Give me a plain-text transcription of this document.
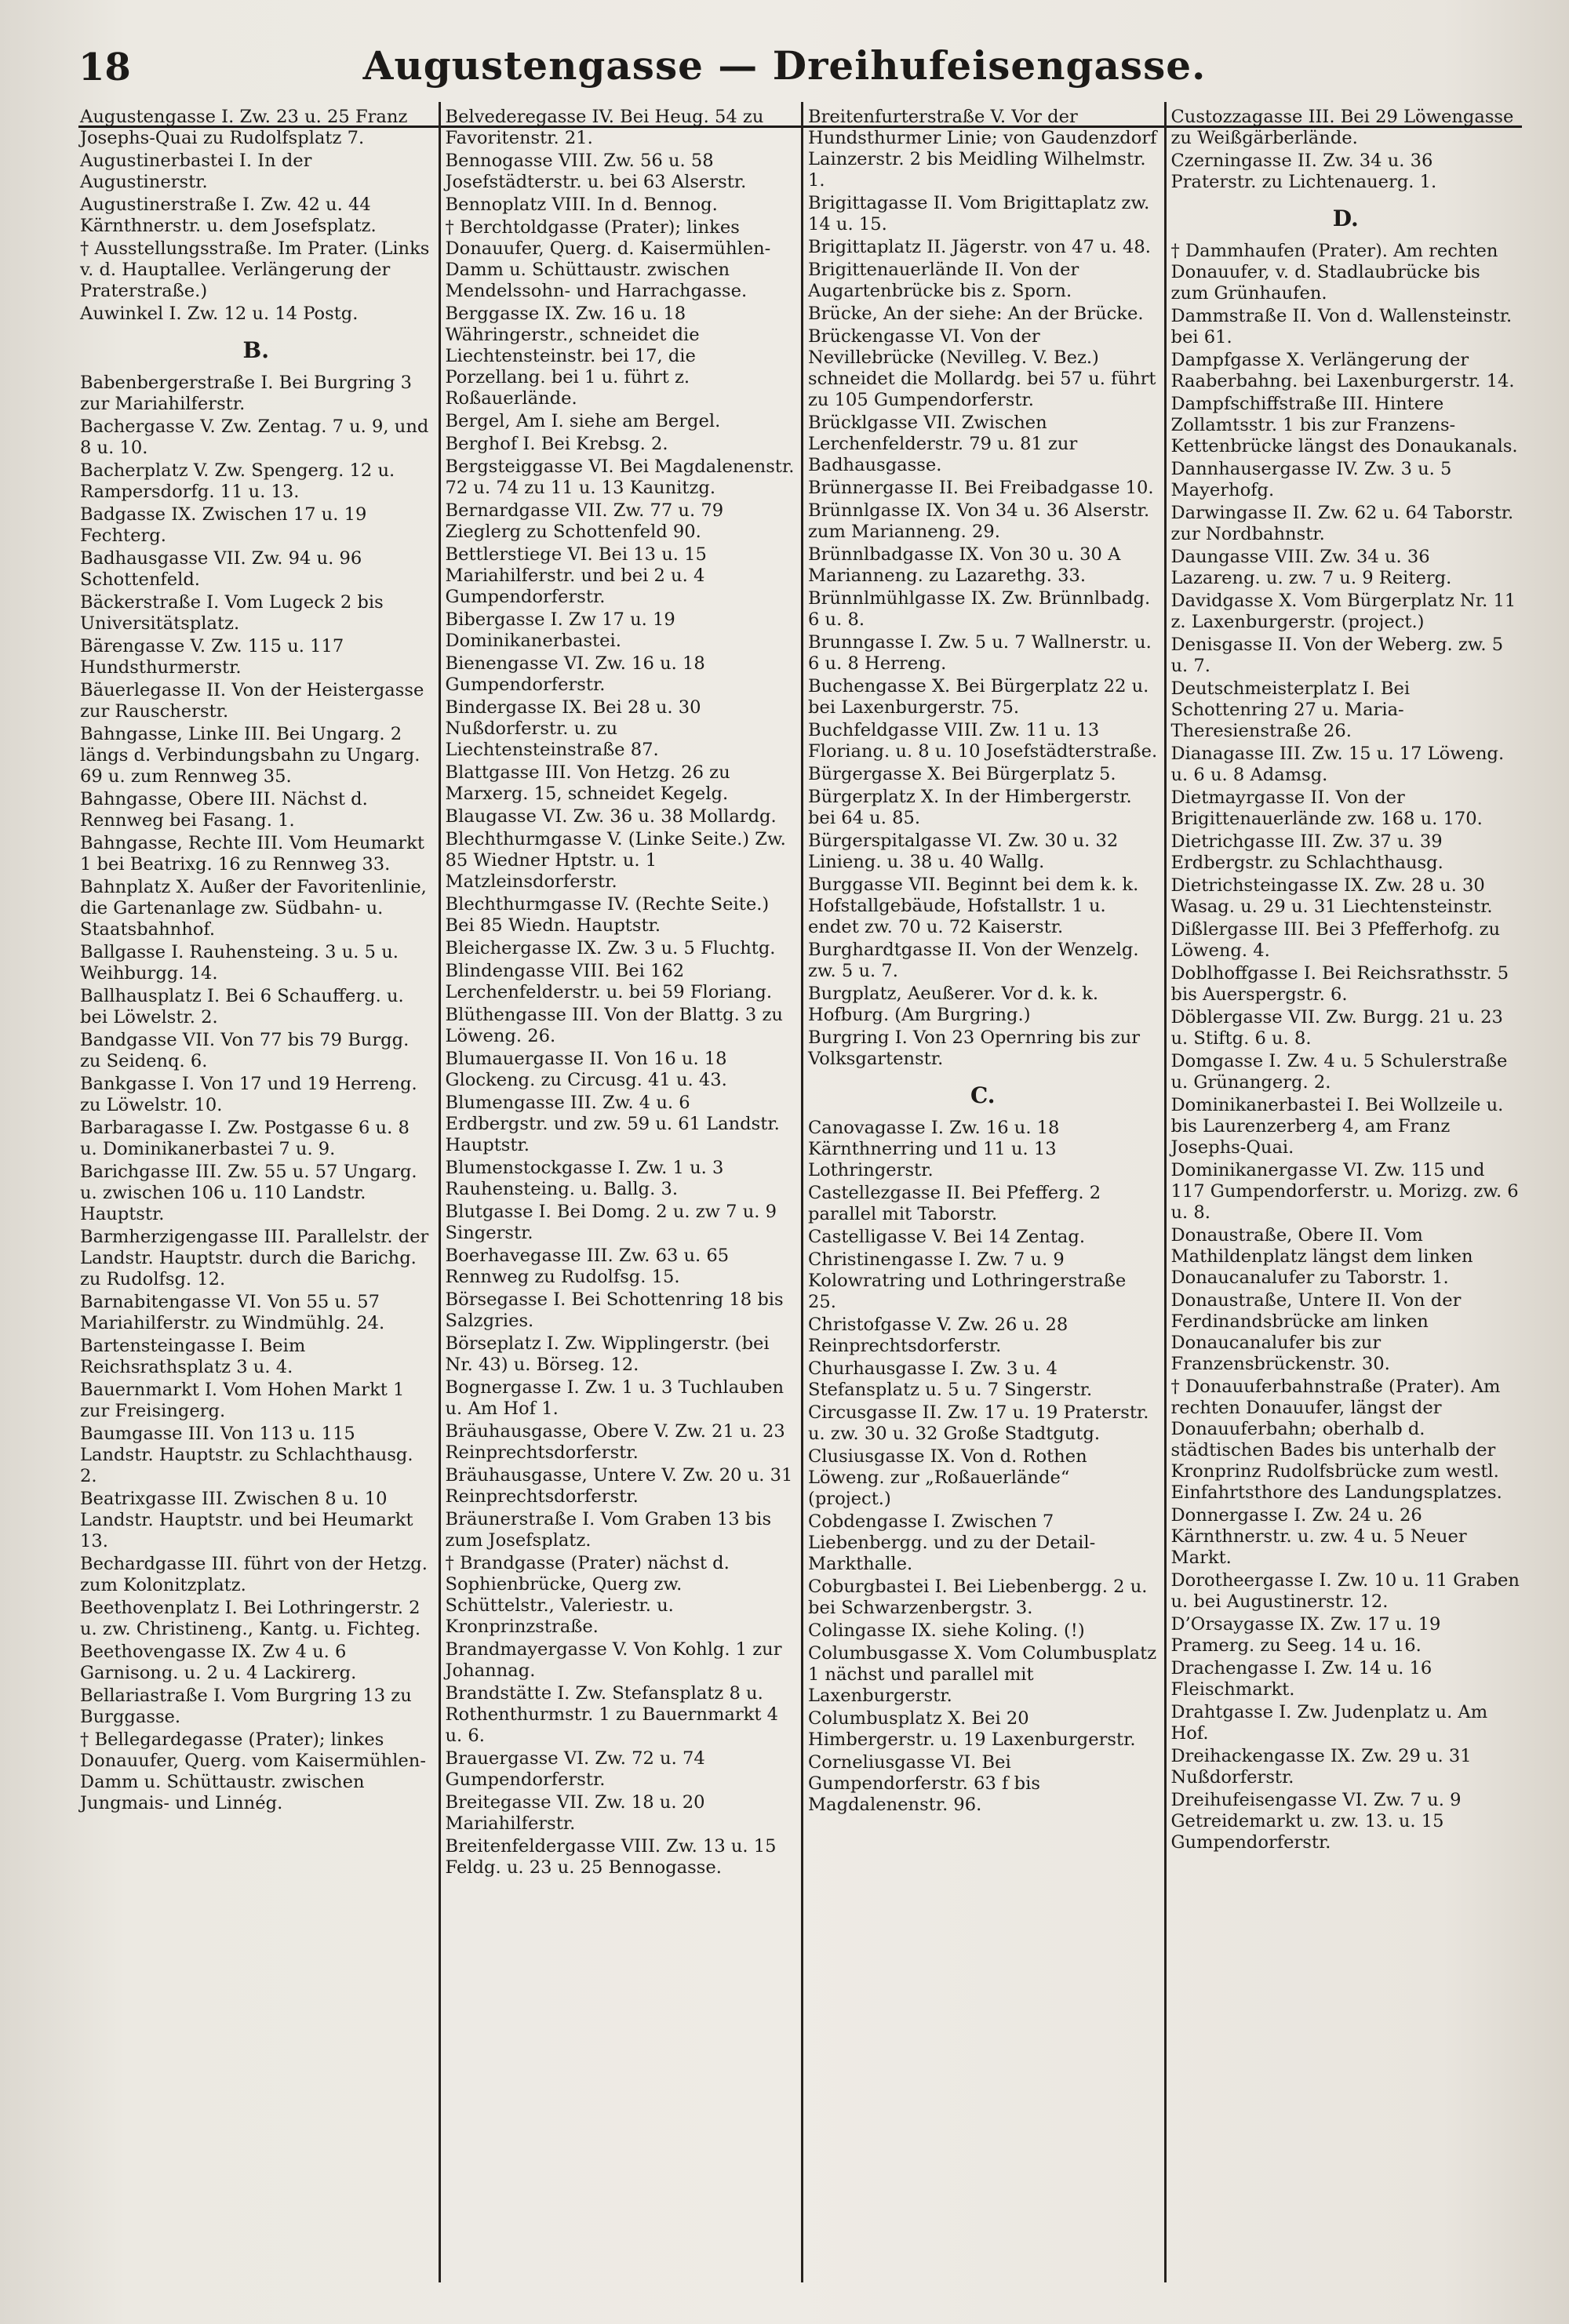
18	Augustengasse — Dreihufeisengasse.
Augustengasse I. Zw. 23 u. 25 Franz Josephs-Quai zu Rudolfsplatz 7.
Augustinerbastei I. In der Augustinerstr.
Augustinerstraße I. Zw. 42 u. 44 Kärnthnerstr. u. dem Josefsplatz.
† Ausstellungsstraße. Im Prater. (Links v. d. Hauptallee. Verlängerung der Praterstraße.)
Auwinkel I. Zw. 12 u. 14 Postg.
B.
Babenbergerstraße I. Bei Burgring 3 zur Mariahilferstr.
Bachergasse V. Zw. Zentag. 7 u. 9, und 8 u. 10.
Bacherplatz V. Zw. Spengerg. 12 u. Rampersdorfg. 11 u. 13.
Badgasse IX. Zwischen 17 u. 19 Fechterg.
Badhausgasse VII. Zw. 94 u. 96 Schottenfeld.
Bäckerstraße I. Vom Lugeck 2 bis Universitätsplatz.
Bärengasse V. Zw. 115 u. 117 Hundsthurmerstr.
Bäuerlegasse II. Von der Heistergasse zur Rauscherstr.
Bahngasse, Linke III. Bei Ungarg. 2 längs d. Verbindungsbahn zu Ungarg. 69 u. zum Rennweg 35.
Bahngasse, Obere III. Nächst d. Rennweg bei Fasang. 1.
Bahngasse, Rechte III. Vom Heumarkt 1 bei Beatrixg. 16 zu Rennweg 33.
Bahnplatz X. Außer der Favoritenlinie, die Gartenanlage zw. Südbahn- u. Staatsbahnhof.
Ballgasse I. Rauhensteing. 3 u. 5 u. Weihburgg. 14.
Ballhausplatz I. Bei 6 Schaufferg. u. bei Löwelstr. 2.
Bandgasse VII. Von 77 bis 79 Burgg. zu Seidenq. 6.
Bankgasse I. Von 17 und 19 Herreng. zu Löwelstr. 10.
Barbaragasse I. Zw. Postgasse 6 u. 8 u. Dominikanerbastei 7 u. 9.
Barichgasse III. Zw. 55 u. 57 Ungarg. u. zwischen 106 u. 110 Landstr. Hauptstr.
Barmherzigengasse III. Parallelstr. der Landstr. Hauptstr. durch die Barichg. zu Rudolfsg. 12.
Barnabitengasse VI. Von 55 u. 57 Mariahilferstr. zu Windmühlg. 24.
Bartensteingasse I. Beim Reichsrathsplatz 3 u. 4.
Bauernmarkt I. Vom Hohen Markt 1 zur Freisingerg.
Baumgasse III. Von 113 u. 115 Landstr. Hauptstr. zu Schlachthausg. 2.
Beatrixgasse III. Zwischen 8 u. 10 Landstr. Hauptstr. und bei Heumarkt 13.
Bechardgasse III. führt von der Hetzg. zum Kolonitzplatz.
Beethovenplatz I. Bei Lothringerstr. 2 u. zw. Christineng., Kantg. u. Fichteg.
Beethovengasse IX. Zw 4 u. 6 Garnisong. u. 2 u. 4 Lackirerg.
Bellariastraße I. Vom Burgring 13 zu Burggasse.
† Bellegardegasse (Prater); linkes Donauufer, Querg. vom Kaisermühlen-Damm u. Schüttaustr. zwischen Jungmais- und Linnég.
Belvederegasse IV. Bei Heug. 54 zu Favoritenstr. 21.
Bennogasse VIII. Zw. 56 u. 58 Josefstädterstr. u. bei 63 Alserstr.
Bennoplatz VIII. In d. Bennog.
† Berchtoldgasse (Prater); linkes Donauufer, Querg. d. Kaisermühlen-Damm u. Schüttaustr. zwischen Mendelssohn- und Harrachgasse.
Berggasse IX. Zw. 16 u. 18 Währingerstr., schneidet die Liechtensteinstr. bei 17, die Porzellang. bei 1 u. führt z. Roßauerlände.
Bergel, Am I. siehe am Bergel.
Berghof I. Bei Krebsg. 2.
Bergsteiggasse VI. Bei Magdalenenstr. 72 u. 74 zu 11 u. 13 Kaunitzg.
Bernardgasse VII. Zw. 77 u. 79 Zieglerg zu Schottenfeld 90.
Bettlerstiege VI. Bei 13 u. 15 Mariahilferstr. und bei 2 u. 4 Gumpendorferstr.
Bibergasse I. Zw 17 u. 19 Dominikanerbastei.
Bienengasse VI. Zw. 16 u. 18 Gumpendorferstr.
Bindergasse IX. Bei 28 u. 30 Nußdorferstr. u. zu Liechtensteinstraße 87.
Blattgasse III. Von Hetzg. 26 zu Marxerg. 15, schneidet Kegelg.
Blaugasse VI. Zw. 36 u. 38 Mollardg.
Blechthurmgasse V. (Linke Seite.) Zw. 85 Wiedner Hptstr. u. 1 Matzleinsdorferstr.
Blechthurmgasse IV. (Rechte Seite.) Bei 85 Wiedn. Hauptstr.
Bleichergasse IX. Zw. 3 u. 5 Fluchtg.
Blindengasse VIII. Bei 162 Lerchenfelderstr. u. bei 59 Floriang.
Blüthengasse III. Von der Blattg. 3 zu Löweng. 26.
Blumauergasse II. Von 16 u. 18 Glockeng. zu Circusg. 41 u. 43.
Blumengasse III. Zw. 4 u. 6 Erdbergstr. und zw. 59 u. 61 Landstr. Hauptstr.
Blumenstockgasse I. Zw. 1 u. 3 Rauhensteing. u. Ballg. 3.
Blutgasse I. Bei Domg. 2 u. zw 7 u. 9 Singerstr.
Boerhavegasse III. Zw. 63 u. 65 Rennweg zu Rudolfsg. 15.
Börsegasse I. Bei Schottenring 18 bis Salzgries.
Börseplatz I. Zw. Wipplingerstr. (bei Nr. 43) u. Börseg. 12.
Bognergasse I. Zw. 1 u. 3 Tuchlauben u. Am Hof 1.
Bräuhausgasse, Obere V. Zw. 21 u. 23 Reinprechtsdorferstr.
Bräuhausgasse, Untere V. Zw. 20 u. 31 Reinprechtsdorferstr.
Bräunerstraße I. Vom Graben 13 bis zum Josefsplatz.
† Brandgasse (Prater) nächst d. Sophienbrücke, Querg zw. Schüttelstr., Valeriestr. u. Kronprinzstraße.
Brandmayergasse V. Von Kohlg. 1 zur Johannag.
Brandstätte I. Zw. Stefansplatz 8 u. Rothenthurmstr. 1 zu Bauernmarkt 4 u. 6.
Brauergasse VI. Zw. 72 u. 74 Gumpendorferstr.
Breitegasse VII. Zw. 18 u. 20 Mariahilferstr.
Breitenfeldergasse VIII. Zw. 13 u. 15 Feldg. u. 23 u. 25 Bennogasse.
Breitenfurterstraße V. Vor der Hundsthurmer Linie; von Gaudenzdorf Lainzerstr. 2 bis Meidling Wilhelmstr. 1.
Brigittagasse II. Vom Brigittaplatz zw. 14 u. 15.
Brigittaplatz II. Jägerstr. von 47 u. 48.
Brigittenauerlände II. Von der Augartenbrücke bis z. Sporn.
Brücke, An der siehe: An der Brücke.
Brückengasse VI. Von der Nevillebrücke (Nevilleg. V. Bez.) schneidet die Mollardg. bei 57 u. führt zu 105 Gumpendorferstr.
Brücklgasse VII. Zwischen Lerchenfelderstr. 79 u. 81 zur Badhausgasse.
Brünnergasse II. Bei Freibadgasse 10.
Brünnlgasse IX. Von 34 u. 36 Alserstr. zum Marianneng. 29.
Brünnlbadgasse IX. Von 30 u. 30 A Marianneng. zu Lazarethg. 33.
Brünnlmühlgasse IX. Zw. Brünnlbadg. 6 u. 8.
Brunngasse I. Zw. 5 u. 7 Wallnerstr. u. 6 u. 8 Herreng.
Buchengasse X. Bei Bürgerplatz 22 u. bei Laxenburgerstr. 75.
Buchfeldgasse VIII. Zw. 11 u. 13 Floriang. u. 8 u. 10 Josefstädterstraße.
Bürgergasse X. Bei Bürgerplatz 5.
Bürgerplatz X. In der Himbergerstr. bei 64 u. 85.
Bürgerspitalgasse VI. Zw. 30 u. 32 Linieng. u. 38 u. 40 Wallg.
Burggasse VII. Beginnt bei dem k. k. Hofstallgebäude, Hofstallstr. 1 u. endet zw. 70 u. 72 Kaiserstr.
Burghardtgasse II. Von der Wenzelg. zw. 5 u. 7.
Burgplatz, Aeußerer. Vor d. k. k. Hofburg. (Am Burgring.)
Burgring I. Von 23 Opernring bis zur Volksgartenstr.
C.
Canovagasse I. Zw. 16 u. 18 Kärnthnerring und 11 u. 13 Lothringerstr.
Castellezgasse II. Bei Pfefferg. 2 parallel mit Taborstr.
Castelligasse V. Bei 14 Zentag.
Christinengasse I. Zw. 7 u. 9 Kolowratring und Lothringerstraße 25.
Christofgasse V. Zw. 26 u. 28 Reinprechtsdorferstr.
Churhausgasse I. Zw. 3 u. 4 Stefansplatz u. 5 u. 7 Singerstr.
Circusgasse II. Zw. 17 u. 19 Praterstr. u. zw. 30 u. 32 Große Stadtgutg.
Clusiusgasse IX. Von d. Rothen Löweng. zur „Roßauerlände“ (project.)
Cobdengasse I. Zwischen 7 Liebenbergg. und zu der Detail-Markthalle.
Coburgbastei I. Bei Liebenbergg. 2 u. bei Schwarzenbergstr. 3.
Colingasse IX. siehe Koling. (!)
Columbusgasse X. Vom Columbusplatz 1 nächst und parallel mit Laxenburgerstr.
Columbusplatz X. Bei 20 Himbergerstr. u. 19 Laxenburgerstr.
Corneliusgasse VI. Bei Gumpendorferstr. 63 f bis Magdalenenstr. 96.
Custozzagasse III. Bei 29 Löwengasse zu Weißgärberlände.
Czerningasse II. Zw. 34 u. 36 Praterstr. zu Lichtenauerg. 1.
D.
† Dammhaufen (Prater). Am rechten Donauufer, v. d. Stadlaubrücke bis zum Grünhaufen.
Dammstraße II. Von d. Wallensteinstr. bei 61.
Dampfgasse X. Verlängerung der Raaberbahng. bei Laxenburgerstr. 14.
Dampfschiffstraße III. Hintere Zollamtsstr. 1 bis zur Franzens-Kettenbrücke längst des Donaukanals.
Dannhausergasse IV. Zw. 3 u. 5 Mayerhofg.
Darwingasse II. Zw. 62 u. 64 Taborstr. zur Nordbahnstr.
Daungasse VIII. Zw. 34 u. 36 Lazareng. u. zw. 7 u. 9 Reiterg.
Davidgasse X. Vom Bürgerplatz Nr. 11 z. Laxenburgerstr. (project.)
Denisgasse II. Von der Weberg. zw. 5 u. 7.
Deutschmeisterplatz I. Bei Schottenring 27 u. Maria-Theresienstraße 26.
Dianagasse III. Zw. 15 u. 17 Löweng. u. 6 u. 8 Adamsg.
Dietmayrgasse II. Von der Brigittenauerlände zw. 168 u. 170.
Dietrichgasse III. Zw. 37 u. 39 Erdbergstr. zu Schlachthausg.
Dietrichsteingasse IX. Zw. 28 u. 30 Wasag. u. 29 u. 31 Liechtensteinstr.
Dißlergasse III. Bei 3 Pfefferhofg. zu Löweng. 4.
Doblhoffgasse I. Bei Reichsrathsstr. 5 bis Auerspergstr. 6.
Döblergasse VII. Zw. Burgg. 21 u. 23 u. Stiftg. 6 u. 8.
Domgasse I. Zw. 4 u. 5 Schulerstraße u. Grünangerg. 2.
Dominikanerbastei I. Bei Wollzeile u. bis Laurenzerberg 4, am Franz Josephs-Quai.
Dominikanergasse VI. Zw. 115 und 117 Gumpendorferstr. u. Morizg. zw. 6 u. 8.
Donaustraße, Obere II. Vom Mathildenplatz längst dem linken Donaucanalufer zu Taborstr. 1.
Donaustraße, Untere II. Von der Ferdinandsbrücke am linken Donaucanalufer bis zur Franzensbrückenstr. 30.
† Donauuferbahnstraße (Prater). Am rechten Donauufer, längst der Donauuferbahn; oberhalb d. städtischen Bades bis unterhalb der Kronprinz Rudolfsbrücke zum westl. Einfahrtsthore des Landungsplatzes.
Donnergasse I. Zw. 24 u. 26 Kärnthnerstr. u. zw. 4 u. 5 Neuer Markt.
Dorotheergasse I. Zw. 10 u. 11 Graben u. bei Augustinerstr. 12.
D’Orsaygasse IX. Zw. 17 u. 19 Pramerg. zu Seeg. 14 u. 16.
Drachengasse I. Zw. 14 u. 16 Fleischmarkt.
Drahtgasse I. Zw. Judenplatz u. Am Hof.
Dreihackengasse IX. Zw. 29 u. 31 Nußdorferstr.
Dreihufeisengasse VI. Zw. 7 u. 9 Getreidemarkt u. zw. 13. u. 15 Gumpendorferstr.
